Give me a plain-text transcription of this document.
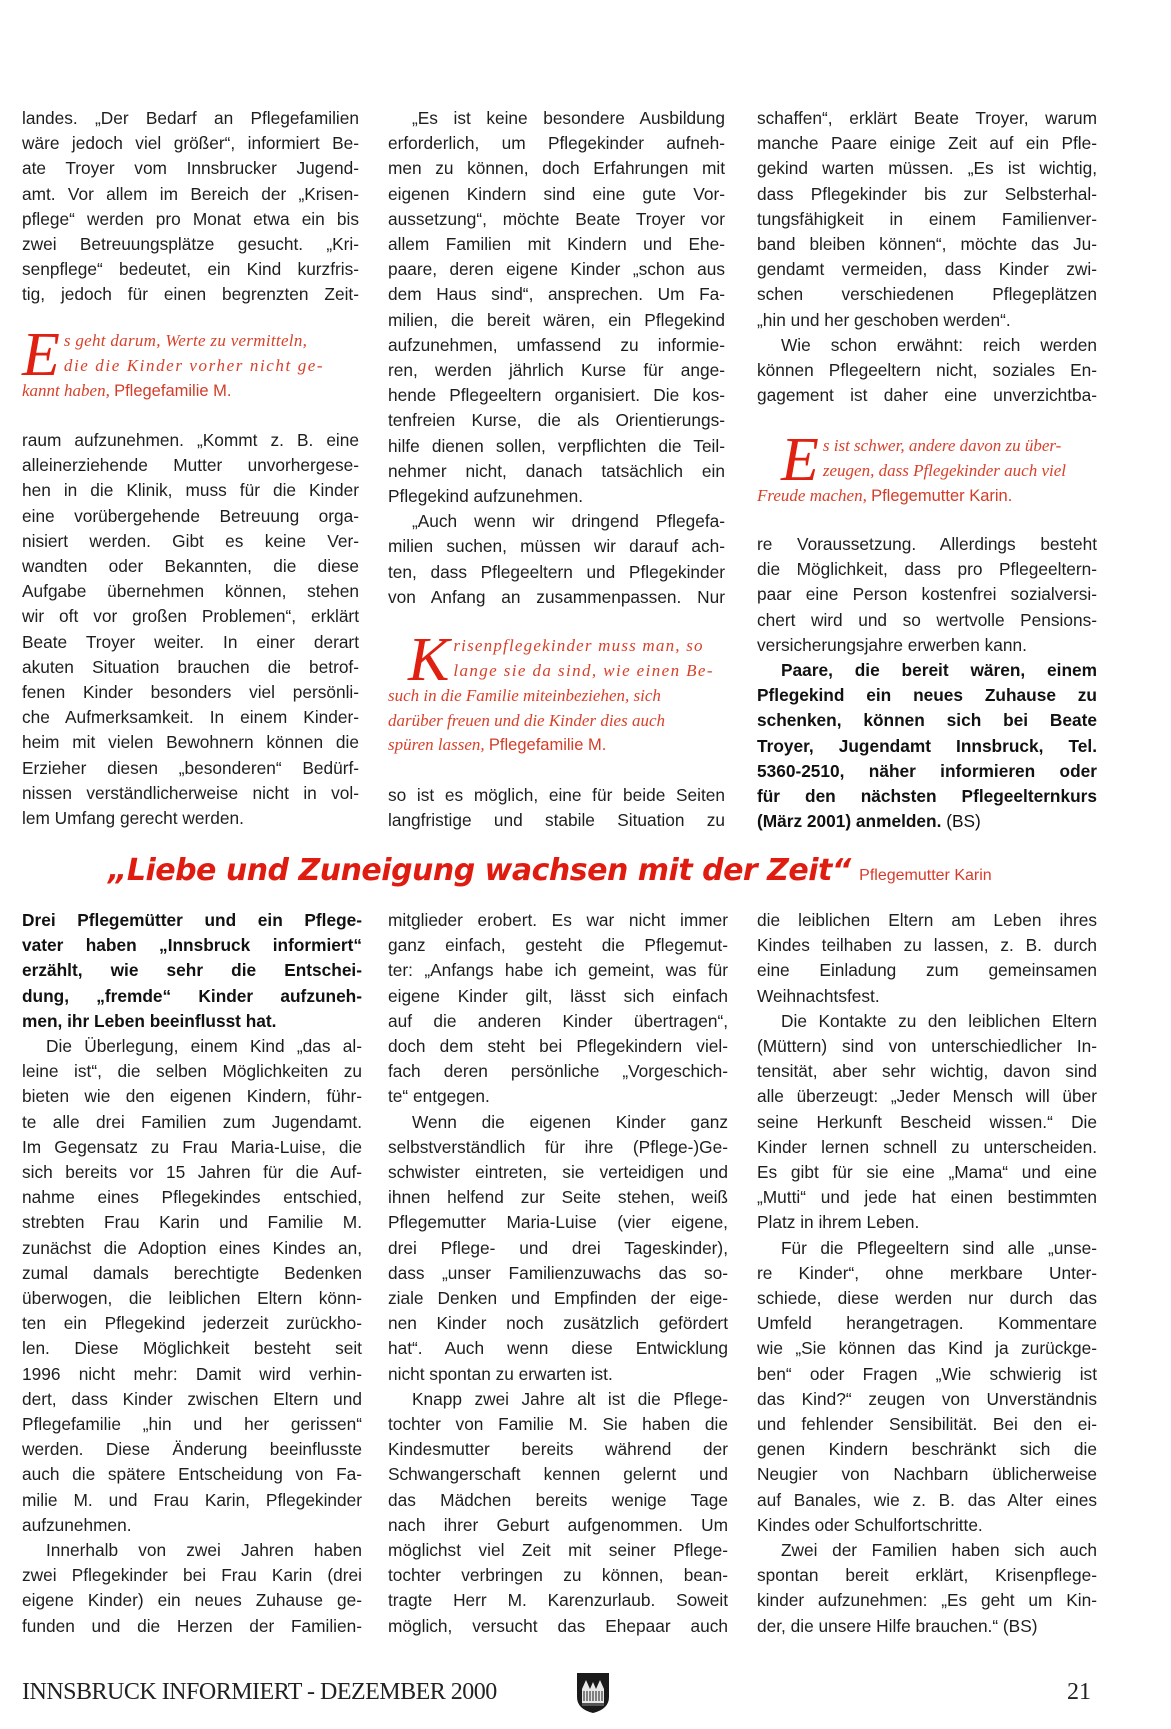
landes. „Der Bedarf an Pflegefamilien
wäre jedoch viel größer“, informiert Be-
ate Troyer vom Innsbrucker Jugend-
amt. Vor allem im Bereich der „Krisen-
pflege“ werden pro Monat etwa ein bis
zwei Betreuungsplätze gesucht. „Kri-
senpflege“ bedeutet, ein Kind kurzfris-
tig, jedoch für einen begrenzten Zeit-
E s geht darum, Werte zu vermitteln,
die die Kinder vorher nicht ge-
kannt haben, Pflegefamilie M.
raum aufzunehmen. „Kommt z. B. eine
alleinerziehende Mutter unvorhergese-
hen in die Klinik, muss für die Kinder
eine vorübergehende Betreuung orga-
nisiert werden. Gibt es keine Ver-
wandten oder Bekannten, die diese
Aufgabe übernehmen können, stehen
wir oft vor großen Problemen“, erklärt
Beate Troyer weiter. In einer derart
akuten Situation brauchen die betrof-
fenen Kinder besonders viel persönli-
che Aufmerksamkeit. In einem Kinder-
heim mit vielen Bewohnern können die
Erzieher diesen „besonderen“ Bedürf-
nissen verständlicherweise nicht in vol-
lem Umfang gerecht werden.
„Es ist keine besondere Ausbildung
erforderlich, um Pflegekinder aufneh-
men zu können, doch Erfahrungen mit
eigenen Kindern sind eine gute Vor-
aussetzung“, möchte Beate Troyer vor
allem Familien mit Kindern und Ehe-
paare, deren eigene Kinder „schon aus
dem Haus sind“, ansprechen. Um Fa-
milien, die bereit wären, ein Pflegekind
aufzunehmen, umfassend zu informie-
ren, werden jährlich Kurse für ange-
hende Pflegeeltern organisiert. Die kos-
tenfreien Kurse, die als Orientierungs-
hilfe dienen sollen, verpflichten die Teil-
nehmer nicht, danach tatsächlich ein
Pflegekind aufzunehmen.
„Auch wenn wir dringend Pflegefa-
milien suchen, müssen wir darauf ach-
ten, dass Pflegeeltern und Pflegekinder
von Anfang an zusammenpassen. Nur
K risenpflegekinder muss man, so
lange sie da sind, wie einen Be-
such in die Familie miteinbeziehen, sich
darüber freuen und die Kinder dies auch
spüren lassen, Pflegefamilie M.
so ist es möglich, eine für beide Seiten
langfristige und stabile Situation zu
schaffen“, erklärt Beate Troyer, warum
manche Paare einige Zeit auf ein Pfle-
gekind warten müssen. „Es ist wichtig,
dass Pflegekinder bis zur Selbsterhal-
tungsfähigkeit in einem Familienver-
band bleiben können“, möchte das Ju-
gendamt vermeiden, dass Kinder zwi-
schen verschiedenen Pflegeplätzen
„hin und her geschoben werden“.
Wie schon erwähnt: reich werden
können Pflegeeltern nicht, soziales En-
gagement ist daher eine unverzichtba-
E s ist schwer, andere davon zu über-
zeugen, dass Pflegekinder auch viel
Freude machen, Pflegemutter Karin.
re Voraussetzung. Allerdings besteht
die Möglichkeit, dass pro Pflegeeltern-
paar eine Person kostenfrei sozialversi-
chert wird und so wertvolle Pensions-
versicherungsjahre erwerben kann.
Paare, die bereit wären, einem
Pflegekind ein neues Zuhause zu
schenken, können sich bei Beate
Troyer, Jugendamt Innsbruck, Tel.
5360-2510, näher informieren oder
für den nächsten Pflegeelternkurs
(März 2001) anmelden. (BS)
„Liebe und Zuneigung wachsen mit der Zeit“ Pflegemutter Karin
Drei Pflegemütter und ein Pflege-
vater haben „Innsbruck informiert“
erzählt, wie sehr die Entschei-
dung, „fremde“ Kinder aufzuneh-
men, ihr Leben beeinflusst hat.
Die Überlegung, einem Kind „das al-
leine ist“, die selben Möglichkeiten zu
bieten wie den eigenen Kindern, führ-
te alle drei Familien zum Jugendamt.
Im Gegensatz zu Frau Maria-Luise, die
sich bereits vor 15 Jahren für die Auf-
nahme eines Pflegekindes entschied,
strebten Frau Karin und Familie M.
zunächst die Adoption eines Kindes an,
zumal damals berechtigte Bedenken
überwogen, die leiblichen Eltern könn-
ten ein Pflegekind jederzeit zurückho-
len. Diese Möglichkeit besteht seit
1996 nicht mehr: Damit wird verhin-
dert, dass Kinder zwischen Eltern und
Pflegefamilie „hin und her gerissen“
werden. Diese Änderung beeinflusste
auch die spätere Entscheidung von Fa-
milie M. und Frau Karin, Pflegekinder
aufzunehmen.
Innerhalb von zwei Jahren haben
zwei Pflegekinder bei Frau Karin (drei
eigene Kinder) ein neues Zuhause ge-
funden und die Herzen der Familien-
mitglieder erobert. Es war nicht immer
ganz einfach, gesteht die Pflegemut-
ter: „Anfangs habe ich gemeint, was für
eigene Kinder gilt, lässt sich einfach
auf die anderen Kinder übertragen“,
doch dem steht bei Pflegekindern viel-
fach deren persönliche „Vorgeschich-
te“ entgegen.
Wenn die eigenen Kinder ganz
selbstverständlich für ihre (Pflege-)Ge-
schwister eintreten, sie verteidigen und
ihnen helfend zur Seite stehen, weiß
Pflegemutter Maria-Luise (vier eigene,
drei Pflege- und drei Tageskinder),
dass „unser Familienzuwachs das so-
ziale Denken und Empfinden der eige-
nen Kinder noch zusätzlich gefördert
hat“. Auch wenn diese Entwicklung
nicht spontan zu erwarten ist.
Knapp zwei Jahre alt ist die Pflege-
tochter von Familie M. Sie haben die
Kindesmutter bereits während der
Schwangerschaft kennen gelernt und
das Mädchen bereits wenige Tage
nach ihrer Geburt aufgenommen. Um
möglichst viel Zeit mit seiner Pflege-
tochter verbringen zu können, bean-
tragte Herr M. Karenzurlaub. Soweit
möglich, versucht das Ehepaar auch
die leiblichen Eltern am Leben ihres
Kindes teilhaben zu lassen, z. B. durch
eine Einladung zum gemeinsamen
Weihnachtsfest.
Die Kontakte zu den leiblichen Eltern
(Müttern) sind von unterschiedlicher In-
tensität, aber sehr wichtig, davon sind
alle überzeugt: „Jeder Mensch will über
seine Herkunft Bescheid wissen.“ Die
Kinder lernen schnell zu unterscheiden.
Es gibt für sie eine „Mama“ und eine
„Mutti“ und jede hat einen bestimmten
Platz in ihrem Leben.
Für die Pflegeeltern sind alle „unse-
re Kinder“, ohne merkbare Unter-
schiede, diese werden nur durch das
Umfeld herangetragen. Kommentare
wie „Sie können das Kind ja zurückge-
ben“ oder Fragen „Wie schwierig ist
das Kind?“ zeugen von Unverständnis
und fehlender Sensibilität. Bei den ei-
genen Kindern beschränkt sich die
Neugier von Nachbarn üblicherweise
auf Banales, wie z. B. das Alter eines
Kindes oder Schulfortschritte.
Zwei der Familien haben sich auch
spontan bereit erklärt, Krisenpflege-
kinder aufzunehmen: „Es geht um Kin-
der, die unsere Hilfe brauchen.“ (BS)
INNSBRUCK INFORMIERT - DEZEMBER 2000	21
